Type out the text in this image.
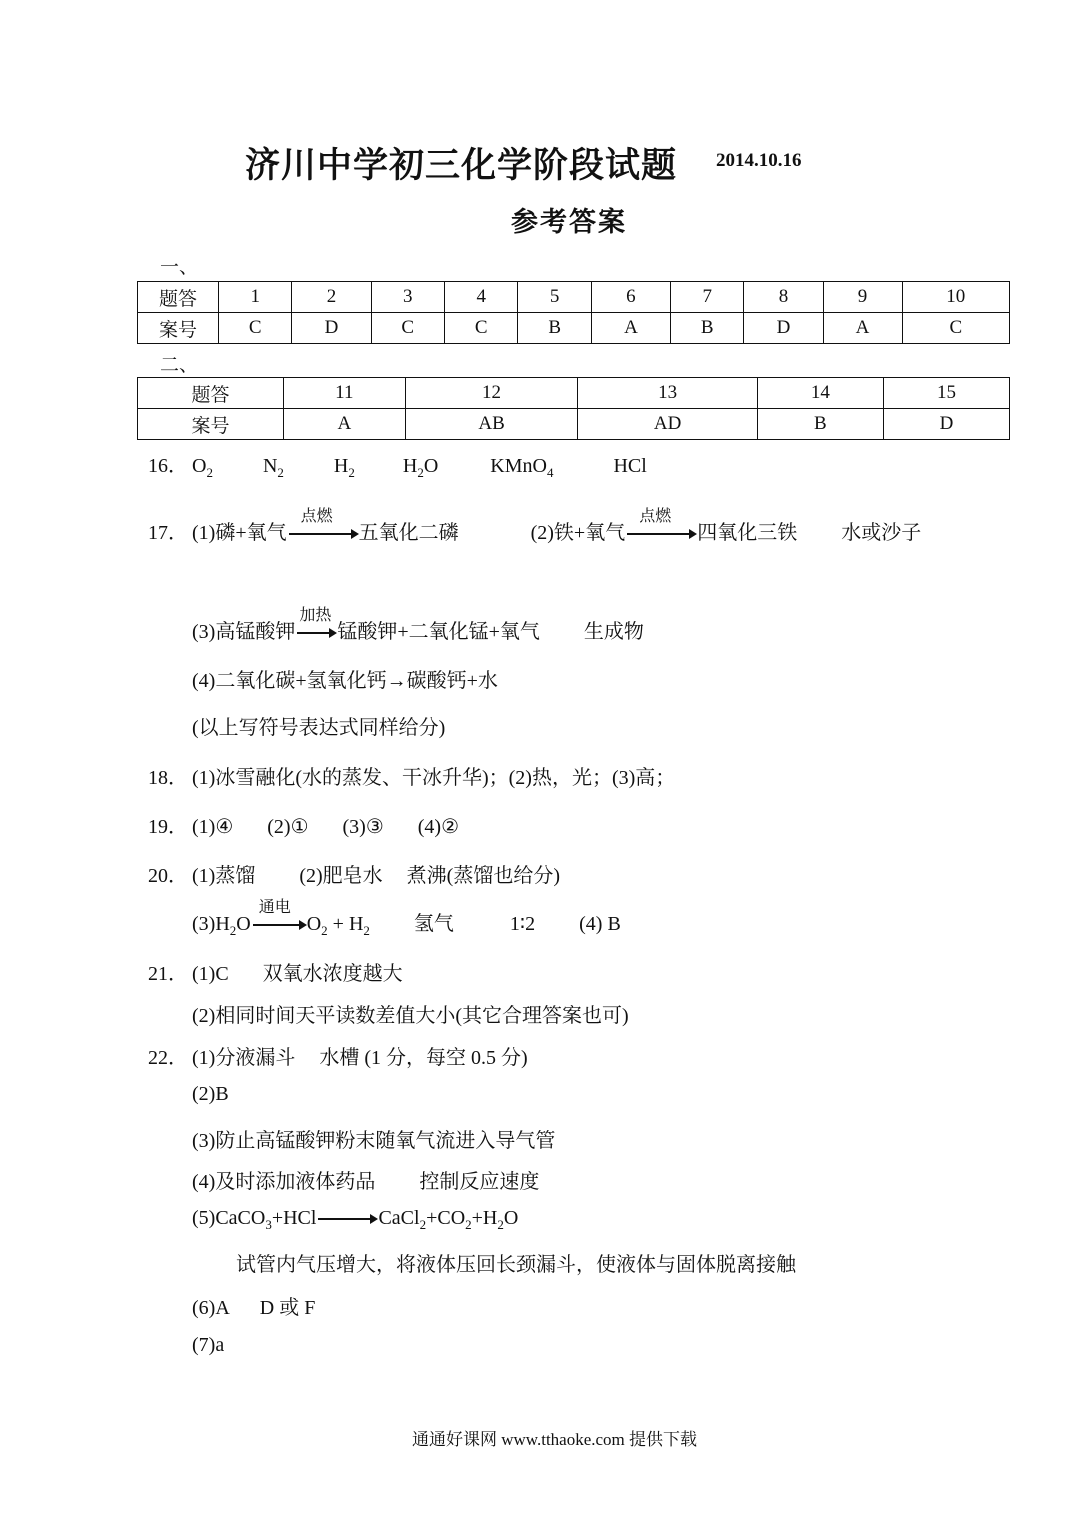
济川中学初三化学阶段试题 2014.10.16
参考答案
一、
题答	1	2	3	4	5	6	7	8	9	10
案号	C	D	C	C	B	A	B	D	A	C
二、
题答	11	12	13	14	15
案号	A	AB	AD	B	D
16． $O_2$	$N_2$	$H_2$ $H_2O$	KMnO$_4$	HCl
17． (1)磷+氧气
点燃
五氧化二磷	(2)铁+氧气
点燃
四氧化三铁 水或沙子
(3)高锰酸钾
加热
锰酸钾+二氧化锰+氧气 生成物
(4)二氧化碳+氢氧化钙→碳酸钙+水
(以上写符号表达式同样给分)
18． (1)冰雪融化(水的蒸发、干冰升华)；(2)热，光；(3)高；
19． (1)④ (2)① (3)③ (4)②
20． (1)蒸馏 (2)肥皂水 煮沸(蒸馏也给分)
$(3)H_2O$
通电
$O_2 + H_2$ 氢气	1∶2 (4) B
21． (1)C 双氧水浓度越大
(2)相同时间天平读数差值大小(其它合理答案也可)
22． (1)分液漏斗 水槽 (1 分，每空 0.5 分)
(2)B
(3)防止高锰酸钾粉末随氧气流进入导气管
(4)及时添加液体药品 控制反应速度
(5)CaCO$_3$+HCl → $CaCl_2+CO_2+H_2O$
试管内气压增大，将液体压回长颈漏斗，使液体与固体脱离接触
(6)A D 或 F
(7)a
通通好课网 www.tthaoke.com 提供下载
